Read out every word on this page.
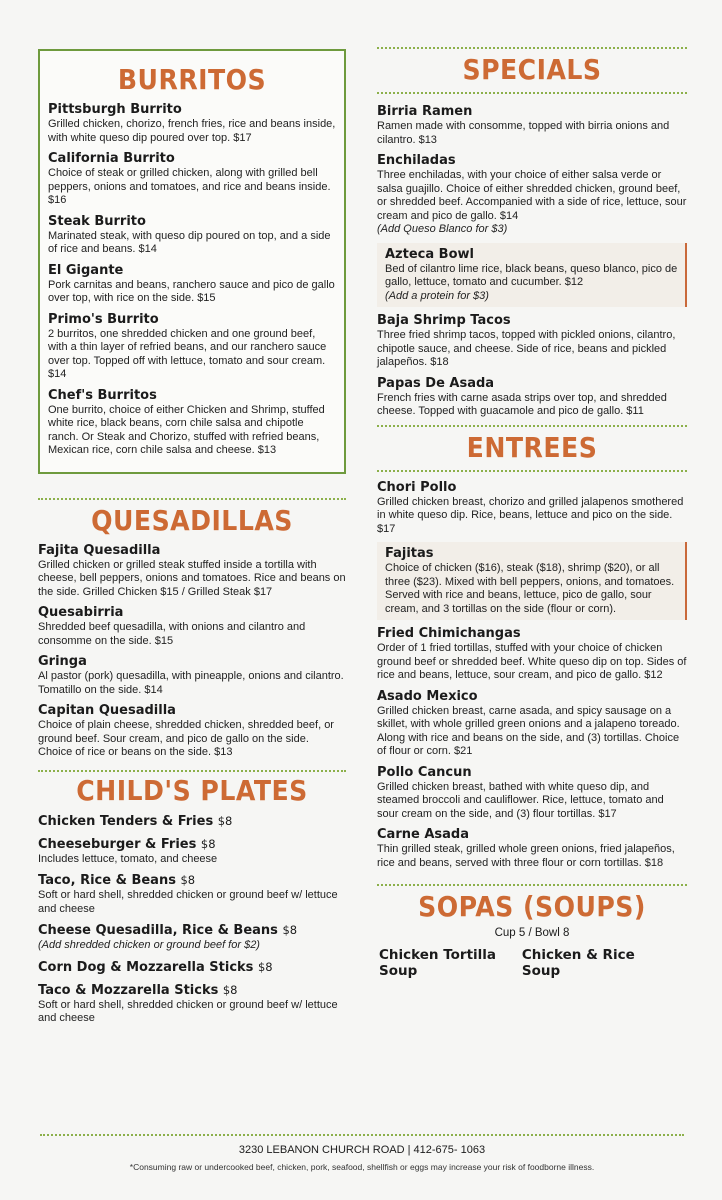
BURRITOS
Pittsburgh Burrito
Grilled chicken, chorizo, french fries, rice and beans inside, with white queso dip poured over top. $17
California Burrito
Choice of steak or grilled chicken, along with grilled bell peppers, onions and tomatoes, and rice and beans inside. $16
Steak Burrito
Marinated steak, with queso dip poured on top, and a side of rice and beans. $14
El Gigante
Pork carnitas and beans, ranchero sauce and pico de gallo over top, with rice on the side. $15
Primo's Burrito
2 burritos, one shredded chicken and one ground beef, with a thin layer of refried beans, and our ranchero sauce over top. Topped off with lettuce, tomato and sour cream. $14
Chef's Burritos
One burrito, choice of either Chicken and Shrimp, stuffed white rice, black beans, corn chile salsa and chipotle ranch. Or Steak and Chorizo, stuffed with refried beans, Mexican rice, corn chile salsa and cheese. $13
QUESADILLAS
Fajita Quesadilla
Grilled chicken or grilled steak stuffed inside a tortilla with cheese, bell peppers, onions and tomatoes. Rice and beans on the side. Grilled Chicken $15 / Grilled Steak $17
Quesabirria
Shredded beef quesadilla, with onions and cilantro and consomme on the side. $15
Gringa
Al pastor (pork) quesadilla, with pineapple, onions and cilantro. Tomatillo on the side. $14
Capitan Quesadilla
Choice of plain cheese, shredded chicken, shredded beef, or ground beef. Sour cream, and pico de gallo on the side. Choice of rice or beans on the side. $13
CHILD'S PLATES
Chicken Tenders & Fries $8
Cheeseburger & Fries $8
Includes lettuce, tomato, and cheese
Taco, Rice & Beans $8
Soft or hard shell, shredded chicken or ground beef w/ lettuce and cheese
Cheese Quesadilla, Rice & Beans $8
(Add shredded chicken or ground beef for $2)
Corn Dog & Mozzarella Sticks $8
Taco & Mozzarella Sticks $8
Soft or hard shell, shredded chicken or ground beef w/ lettuce and cheese
SPECIALS
Birria Ramen
Ramen made with consomme, topped with birria onions and cilantro. $13
Enchiladas
Three enchiladas, with your choice of either salsa verde or salsa guajillo. Choice of either shredded chicken, ground beef, or shredded beef. Accompanied with a side of rice, lettuce, sour cream and pico de gallo. $14
(Add Queso Blanco for $3)
Azteca Bowl
Bed of cilantro lime rice, black beans, queso blanco, pico de gallo, lettuce, tomato and cucumber. $12
(Add a protein for $3)
Baja Shrimp Tacos
Three fried shrimp tacos, topped with pickled onions, cilantro, chipotle sauce, and cheese. Side of rice, beans and pickled jalapeños. $18
Papas De Asada
French fries with carne asada strips over top, and shredded cheese. Topped with guacamole and pico de gallo. $11
ENTREES
Chori Pollo
Grilled chicken breast, chorizo and grilled jalapenos smothered in white queso dip. Rice, beans, lettuce and pico on the side. $17
Fajitas
Choice of chicken ($16), steak ($18), shrimp ($20), or all three ($23). Mixed with bell peppers, onions, and tomatoes. Served with rice and beans, lettuce, pico de gallo, sour cream, and 3 tortillas on the side (flour or corn).
Fried Chimichangas
Order of 1 fried tortillas, stuffed with your choice of chicken ground beef or shredded beef. White queso dip on top. Sides of rice and beans, lettuce, sour cream, and pico de gallo. $12
Asado Mexico
Grilled chicken breast, carne asada, and spicy sausage on a skillet, with whole grilled green onions and a jalapeno toreado. Along with rice and beans on the side, and (3) tortillas. Choice of flour or corn. $21
Pollo Cancun
Grilled chicken breast, bathed with white queso dip, and steamed broccoli and cauliflower. Rice, lettuce, tomato and sour cream on the side, and (3) flour tortillas. $17
Carne Asada
Thin grilled steak, grilled whole green onions, fried jalapeños, rice and beans, served with three flour or corn tortillas. $18
SOPAS (SOUPS)
Cup 5 / Bowl 8
Chicken Tortilla Soup
Chicken & Rice Soup
3230 LEBANON CHURCH ROAD | 412-675- 1063
*Consuming raw or undercooked beef, chicken, pork, seafood, shellfish or eggs may increase your risk of foodborne illness.
